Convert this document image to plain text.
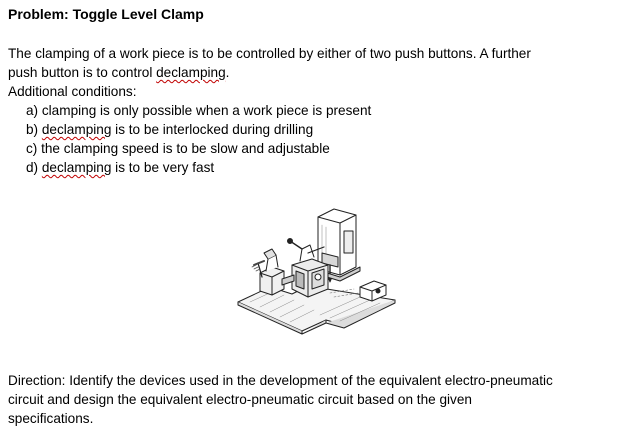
Problem: Toggle Level Clamp
The clamping of a work piece is to be controlled by either of two push buttons. A further
push button is to control declamping.
Additional conditions:
a) clamping is only possible when a work piece is present
b) declamping is to be interlocked during drilling
c) the clamping speed is to be slow and adjustable
d) declamping is to be very fast
Direction: Identify the devices used in the development of the equivalent electro-pneumatic
circuit and design the equivalent electro-pneumatic circuit based on the given
specifications.
